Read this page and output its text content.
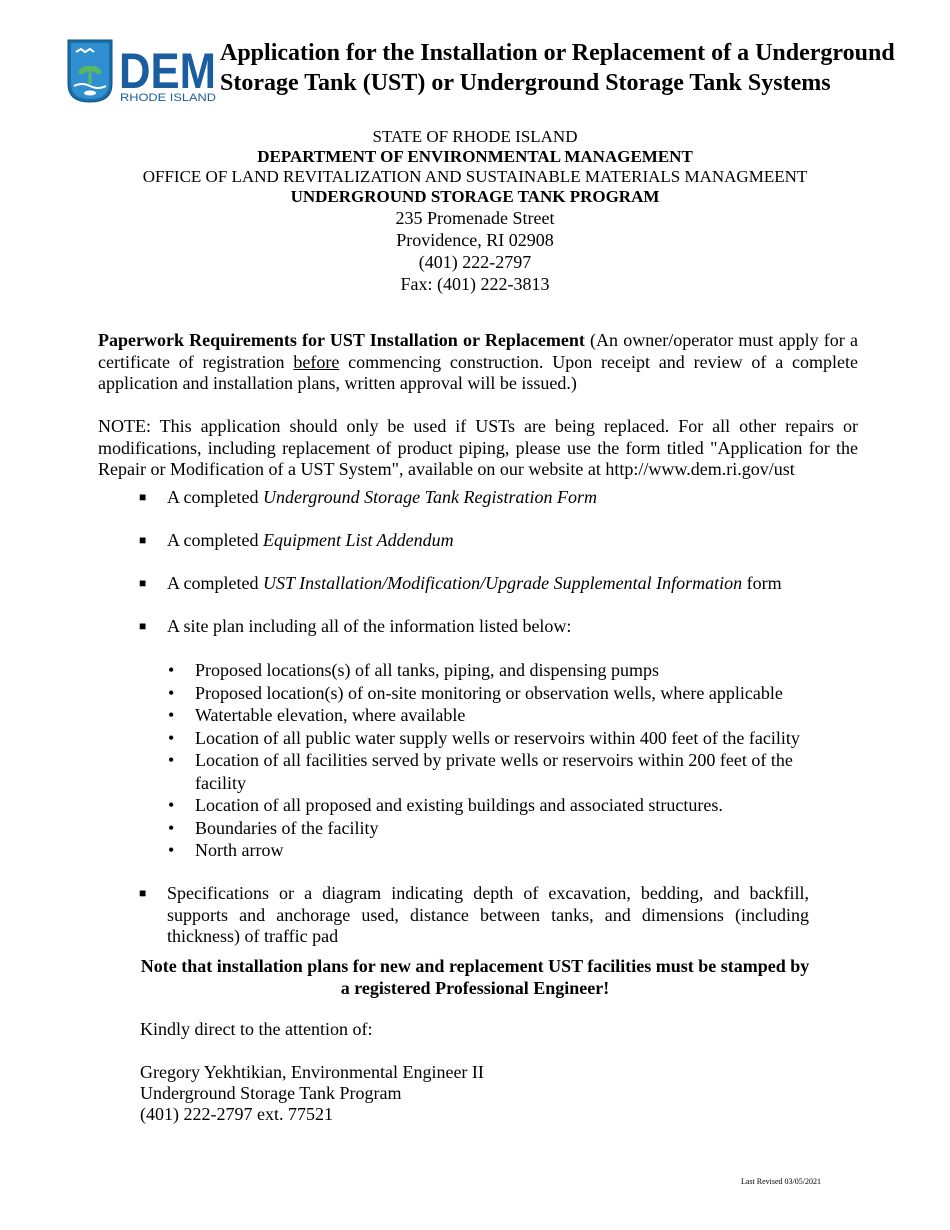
DEM
RHODE ISLAND
Application for the Installation or Replacement of a Underground
Storage Tank (UST) or Underground Storage Tank Systems
STATE OF RHODE ISLAND
DEPARTMENT OF ENVIRONMENTAL MANAGEMENT
OFFICE OF LAND REVITALIZATION AND SUSTAINABLE MATERIALS MANAGMEENT
UNDERGROUND STORAGE TANK PROGRAM
235 Promenade Street
Providence, RI 02908
(401) 222-2797
Fax: (401) 222-3813
Paperwork Requirements for UST Installation or Replacement (An owner/operator must apply for a certificate of registration before commencing construction. Upon receipt and review of a complete application and installation plans, written approval will be issued.)
NOTE: This application should only be used if USTs are being replaced. For all other repairs or modifications, including replacement of product piping, please use the form titled "Application for the Repair or Modification of a UST System", available on our website at http://www.dem.ri.gov/ust
■	A completed Underground Storage Tank Registration Form
■	A completed Equipment List Addendum
■	A completed UST Installation/Modification/Upgrade Supplemental Information form
■	A site plan including all of the information listed below:
• Proposed locations(s) of all tanks, piping, and dispensing pumps
• Proposed location(s) of on-site monitoring or observation wells, where applicable
• Watertable elevation, where available
• Location of all public water supply wells or reservoirs within 400 feet of the facility
• Location of all facilities served by private wells or reservoirs within 200 feet of the facility
• Location of all proposed and existing buildings and associated structures.
• Boundaries of the facility
• North arrow
■	Specifications or a diagram indicating depth of excavation, bedding, and backfill, supports and anchorage used, distance between tanks, and dimensions (including thickness) of traffic pad
Note that installation plans for new and replacement UST facilities must be stamped by a registered Professional Engineer!
Kindly direct to the attention of:
Gregory Yekhtikian, Environmental Engineer II
Underground Storage Tank Program
(401) 222-2797 ext. 77521
Last Revised 03/05/2021
